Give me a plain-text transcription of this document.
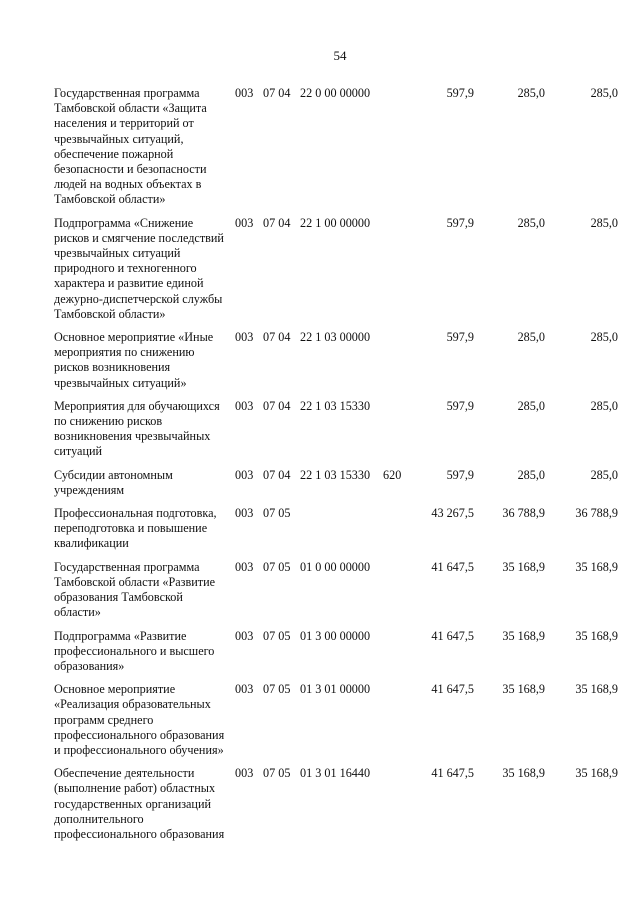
54
Государственная программа Тамбовской области «Защита населения и территорий от чрезвычайных ситуаций, обеспечение пожарной безопасности и безопасности людей на водных объектах в Тамбовской области»	003	07 04	22 0 00 00000		597,9	285,0	285,0
Подпрограмма «Снижение рисков и смягчение последствий чрезвычайных ситуаций природного и техногенного характера и развитие единой дежурно-диспетчерской службы Тамбовской области»	003	07 04	22 1 00 00000		597,9	285,0	285,0
Основное мероприятие «Иные мероприятия по снижению рисков возникновения чрезвычайных ситуаций»	003	07 04	22 1 03 00000		597,9	285,0	285,0
Мероприятия для обучающихся по снижению рисков возникновения чрезвычайных ситуаций	003	07 04	22 1 03 15330		597,9	285,0	285,0
Субсидии автономным учреждениям	003	07 04	22 1 03 15330	620	597,9	285,0	285,0
Профессиональная подготовка, переподготовка и повышение квалификации	003	07 05			43 267,5	36 788,9	36 788,9
Государственная программа Тамбовской области «Развитие образования Тамбовской области»	003	07 05	01 0 00 00000		41 647,5	35 168,9	35 168,9
Подпрограмма «Развитие профессионального и высшего образования»	003	07 05	01 3 00 00000		41 647,5	35 168,9	35 168,9
Основное мероприятие «Реализация образовательных программ среднего профессионального образования и профессионального обучения»	003	07 05	01 3 01 00000		41 647,5	35 168,9	35 168,9
Обеспечение деятельности (выполнение работ) областных государственных организаций дополнительного профессионального образования	003	07 05	01 3 01 16440		41 647,5	35 168,9	35 168,9
